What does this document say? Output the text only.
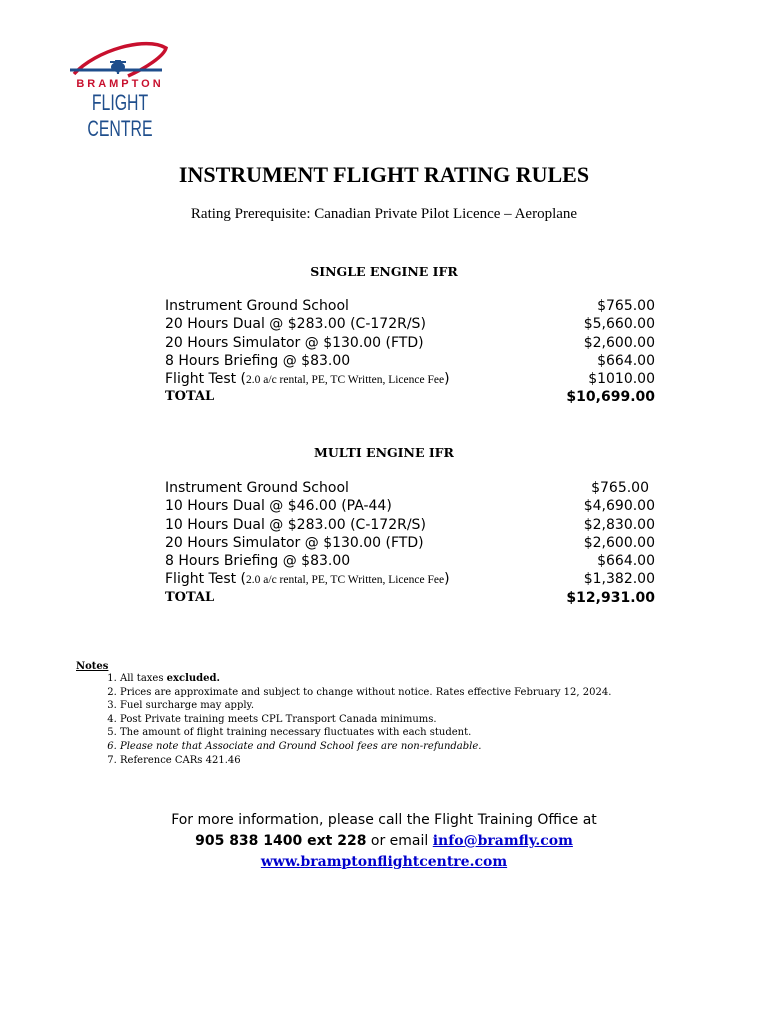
BRAMPTON
FLIGHT CENTRE
INSTRUMENT FLIGHT RATING RULES
Rating Prerequisite: Canadian Private Pilot Licence – Aeroplane
SINGLE ENGINE IFR
Instrument Ground School	$765.00
20 Hours Dual @ $283.00 (C-172R/S)	$5,660.00
20 Hours Simulator @ $130.00 (FTD)	$2,600.00
8 Hours Briefing @ $83.00	$664.00
Flight Test (2.0 a/c rental, PE, TC Written, Licence Fee)	$1010.00
TOTAL	$10,699.00
MULTI ENGINE IFR
Instrument Ground School	$765.00
10 Hours Dual @ $46.00 (PA-44)	$4,690.00
10 Hours Dual @ $283.00 (C-172R/S)	$2,830.00
20 Hours Simulator @ $130.00 (FTD)	$2,600.00
8 Hours Briefing @ $83.00	$664.00
Flight Test (2.0 a/c rental, PE, TC Written, Licence Fee)	$1,382.00
TOTAL	$12,931.00
Notes
1. All taxes excluded.
2. Prices are approximate and subject to change without notice. Rates effective February 12, 2024.
3. Fuel surcharge may apply.
4. Post Private training meets CPL Transport Canada minimums.
5. The amount of flight training necessary fluctuates with each student.
6. Please note that Associate and Ground School fees are non-refundable.
7. Reference CARs 421.46
For more information, please call the Flight Training Office at
905 838 1400 ext 228 or email info@bramfly.com
www.bramptonflightcentre.com
